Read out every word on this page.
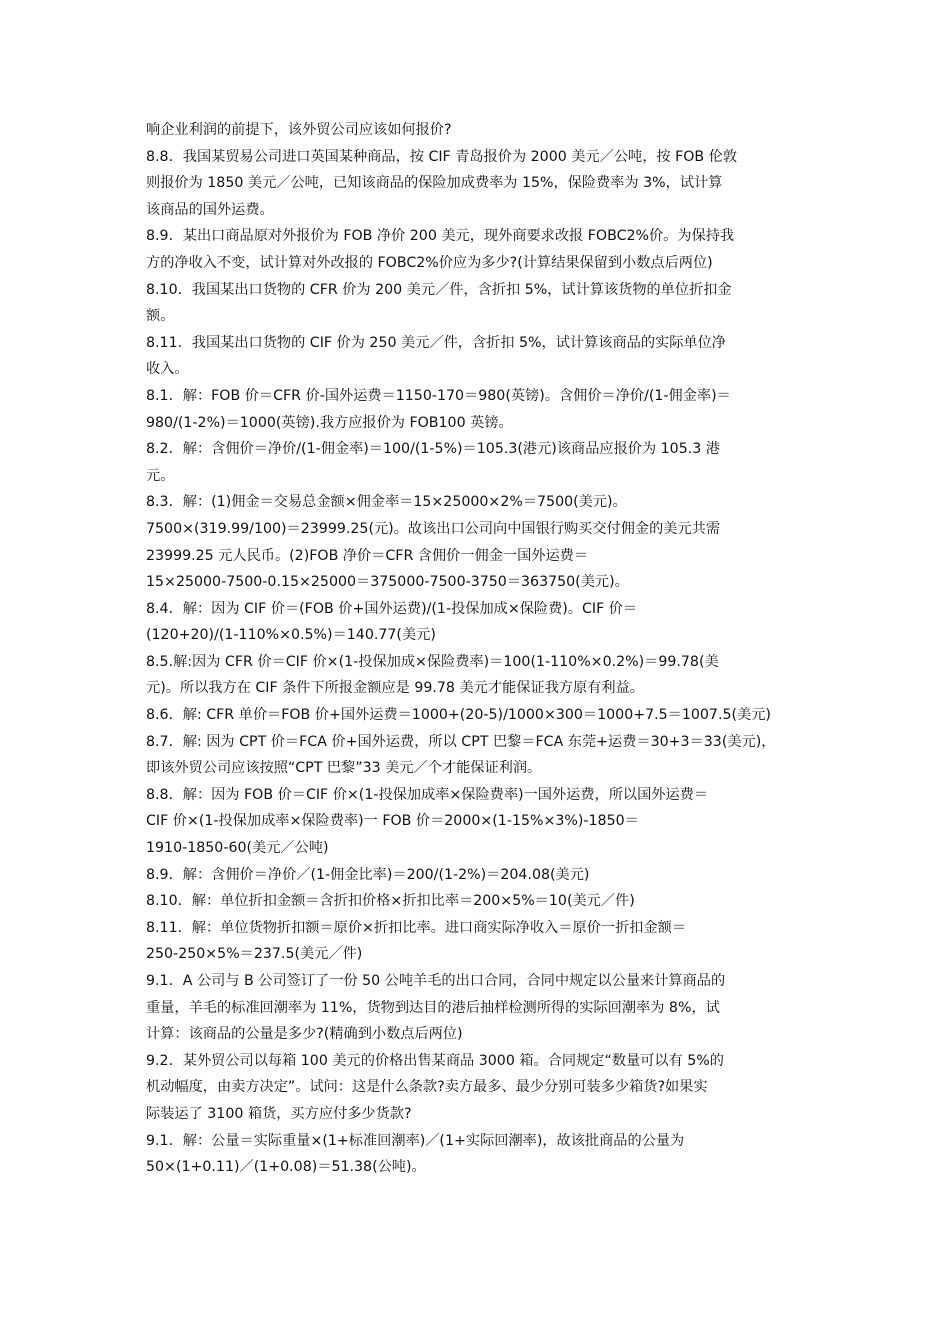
响企业利润的前提下，该外贸公司应该如何报价?

8.8．我国某贸易公司进口英国某种商品，按 CIF 青岛报价为 2000 美元／公吨，按 FOB 伦敦

则报价为 1850 美元／公吨，已知该商品的保险加成费率为 15%，保险费率为 3%，试计算

该商品的国外运费。

8.9．某出口商品原对外报价为 FOB 净价 200 美元，现外商要求改报 FOBC2%价。为保持我

方的净收入不变，试计算对外改报的 FOBC2%价应为多少?(计算结果保留到小数点后两位)

8.10．我国某出口货物的 CFR 价为 200 美元／件，含折扣 5%，试计算该货物的单位折扣金

额。

8.11．我国某出口货物的 CIF 价为 250 美元／件，含折扣 5%，试计算该商品的实际单位净

收入。

8.1．解：FOB 价＝CFR 价-国外运费＝1150-170＝980(英镑)。含佣价＝净价/(1-佣金率)＝

980/(1-2%)＝1000(英镑).我方应报价为 FOB100 英镑。

8.2．解：含佣价＝净价/(1-佣金率)＝100/(1-5%)＝105.3(港元)该商品应报价为 105.3 港

元。

8.3．解：(1)佣金＝交易总金额×佣金率＝15×25000×2%＝7500(美元)。

7500×(319.99/100)＝23999.25(元)。故该出口公司向中国银行购买交付佣金的美元共需

23999.25 元人民币。(2)FOB 净价＝CFR 含佣价一佣金一国外运费＝

15×25000-7500-0.15×25000＝375000-7500-3750＝363750(美元)。

8.4．解：因为 CIF 价＝(FOB 价+国外运费)/(1-投保加成×保险费)。CIF 价＝

(120+20)/(1-110%×0.5%)＝140.77(美元)

8.5.解:因为 CFR 价＝CIF 价×(1-投保加成×保险费率)＝100(1-110%×0.2%)＝99.78(美

元)。所以我方在 CIF 条件下所报金额应是 99.78 美元才能保证我方原有利益。

8.6．解: CFR 单价＝FOB 价+国外运费＝1000+(20-5)/1000×300＝1000+7.5＝1007.5(美元)

8.7．解: 因为 CPT 价＝FCA 价+国外运费，所以 CPT 巴黎＝FCA 东莞+运费＝30+3＝33(美元)，

即该外贸公司应该按照“CPT 巴黎”33 美元／个才能保证利润。

8.8．解：因为 FOB 价＝CIF 价×(1-投保加成率×保险费率)一国外运费，所以国外运费＝

CIF 价×(1-投保加成率×保险费率)一 FOB 价＝2000×(1-15%×3%)-1850＝

1910-1850-60(美元／公吨)

8.9．解：含佣价＝净价／(1-佣金比率)＝200/(1-2%)＝204.08(美元)

8.10．解：单位折扣金额＝含折扣价格×折扣比率＝200×5%＝10(美元／件)

8.11．解：单位货物折扣额＝原价×折扣比率。进口商实际净收入＝原价一折扣金额＝

250-250×5%＝237.5(美元／件)

9.1．A 公司与 B 公司签订了一份 50 公吨羊毛的出口合同，合同中规定以公量来计算商品的

重量，羊毛的标准回潮率为 11%，货物到达目的港后抽样检测所得的实际回潮率为 8%，试

计算：该商品的公量是多少?(精确到小数点后两位)

9.2．某外贸公司以每箱 100 美元的价格出售某商品 3000 箱。合同规定“数量可以有 5%的

机动幅度，由卖方决定”。试问：这是什么条款?卖方最多、最少分别可装多少箱货?如果实

际装运了 3100 箱货，买方应付多少货款?

9.1．解：公量＝实际重量×(1+标准回潮率)／(1+实际回潮率)，故该批商品的公量为

50×(1+0.11)／(1+0.08)＝51.38(公吨)。
